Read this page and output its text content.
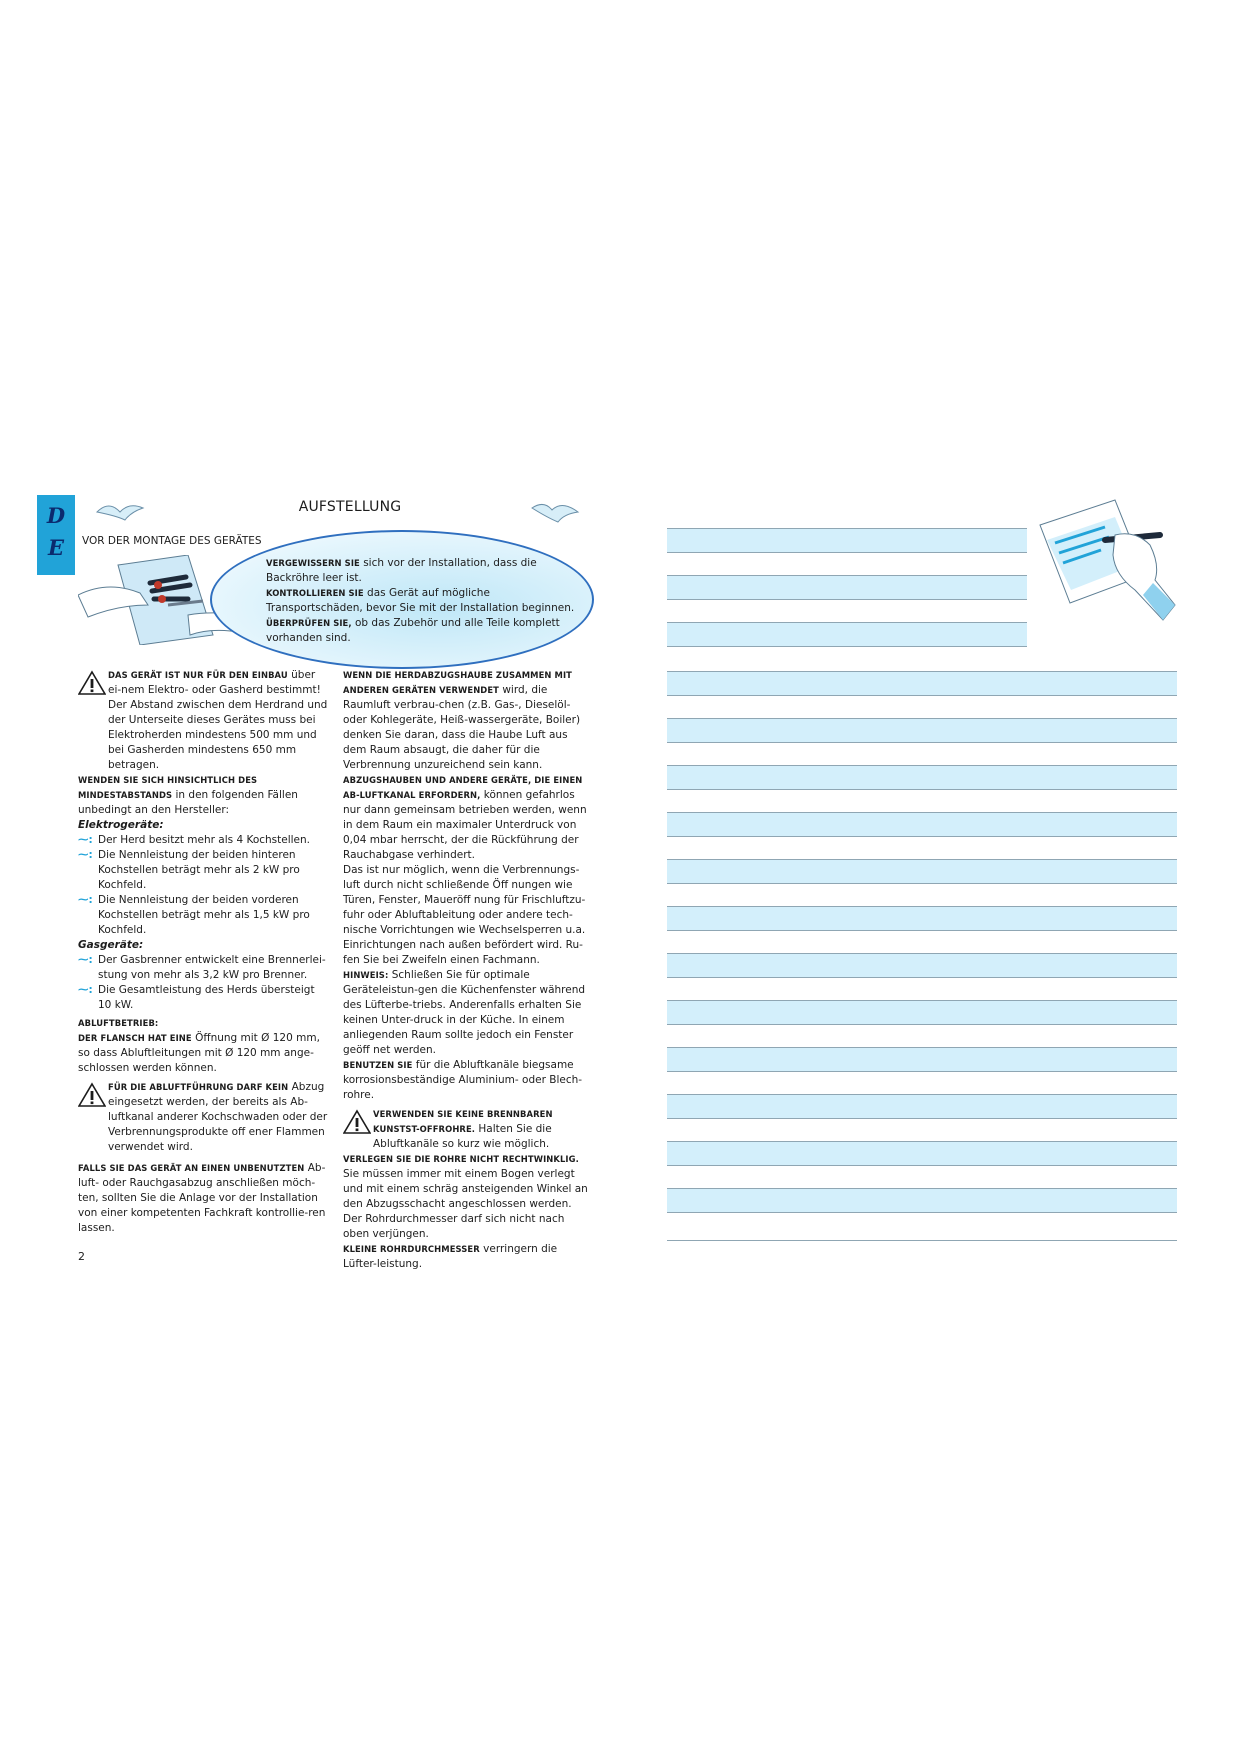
D
E
AUFSTELLUNG
VOR DER MONTAGE DES GERÄTES

VERGEWISSERN SIE sich vor der Installation, dass die Backröhre leer ist.

KONTROLLIEREN SIE das Gerät auf mögliche Transportschäden, bevor Sie mit der Installation beginnen.

ÜBERPRÜFEN SIE, ob das Zubehör und alle Teile komplett vorhanden sind.

DAS GERÄT IST NUR FÜR DEN EINBAU über ei-nem Elektro- oder Gasherd bestimmt! Der Abstand zwischen dem Herdrand und der Unterseite dieses Gerätes muss bei Elektroherden mindestens 500 mm und bei Gasherden mindestens 650 mm betragen.

WENDEN SIE SICH HINSICHTLICH DES MINDESTABSTANDS in den folgenden Fällen unbedingt an den Hersteller:

Elektrogeräte:

⁓: Der Herd besitzt mehr als 4 Kochstellen.
⁓: Die Nennleistung der beiden hinteren Kochstellen beträgt mehr als 2 kW pro Kochfeld.
⁓: Die Nennleistung der beiden vorderen Kochstellen beträgt mehr als 1,5 kW pro Kochfeld.

Gasgeräte:

⁓: Der Gasbrenner entwickelt eine Brennerlei-stung von mehr als 3,2 kW pro Brenner.
⁓: Die Gesamtleistung des Herds übersteigt 10 kW.

ABLUFTBETRIEB:

DER FLANSCH HAT EINE Öffnung mit Ø 120 mm, so dass Abluftleitungen mit Ø 120 mm ange-schlossen werden können.

FÜR DIE ABLUFTFÜHRUNG DARF KEIN Abzug eingesetzt werden, der bereits als Ab-luftkanal anderer Kochschwaden oder der Verbrennungsprodukte off ener Flammen verwendet wird.

FALLS SIE DAS GERÄT AN EINEN UNBENUTZTEN Ab-luft- oder Rauchgasabzug anschließen möch-ten, sollten Sie die Anlage vor der Installation von einer kompetenten Fachkraft kontrollie-ren lassen.

WENN DIE HERDABZUGSHAUBE ZUSAMMEN MIT ANDEREN GERÄTEN VERWENDET wird, die Raumluft verbrau-chen (z.B. Gas-, Dieselöl- oder Kohlegeräte, Heiß-wassergeräte, Boiler) denken Sie daran, dass die Haube Luft aus dem Raum absaugt, die daher für die Verbrennung unzureichend sein kann.

ABZUGSHAUBEN UND ANDERE GERÄTE, DIE EINEN AB-LUFTKANAL ERFORDERN, können gefahrlos nur dann gemeinsam betrieben werden, wenn in dem Raum ein maximaler Unterdruck von 0,04 mbar herrscht, der die Rückführung der Rauchabgase verhindert.

Das ist nur möglich, wenn die Verbrennungs-luft durch nicht schließende Öff nungen wie Türen, Fenster, Maueröff nung für Frischluftzu-fuhr oder Abluftableitung oder andere tech-nische Vorrichtungen wie Wechselsperren u.a. Einrichtungen nach außen befördert wird. Ru-fen Sie bei Zweifeln einen Fachmann.

HINWEIS: Schließen Sie für optimale Geräteleistun-gen die Küchenfenster während des Lüfterbe-triebs. Anderenfalls erhalten Sie keinen Unter-druck in der Küche. In einem anliegenden Raum sollte jedoch ein Fenster geöff net werden.

BENUTZEN SIE für die Abluftkanäle biegsame korrosionsbeständige Aluminium- oder Blech-rohre.

VERWENDEN SIE KEINE BRENNBAREN KUNSTST-OFFROHRE. Halten Sie die Abluftkanäle so kurz wie möglich.

VERLEGEN SIE DIE ROHRE NICHT RECHTWINKLIG. Sie müssen immer mit einem Bogen verlegt und mit einem schräg ansteigenden Winkel an den Abzugsschacht angeschlossen werden. Der Rohrdurchmesser darf sich nicht nach oben verjüngen.

KLEINE ROHRDURCHMESSER verringern die Lüfter-leistung.

2
